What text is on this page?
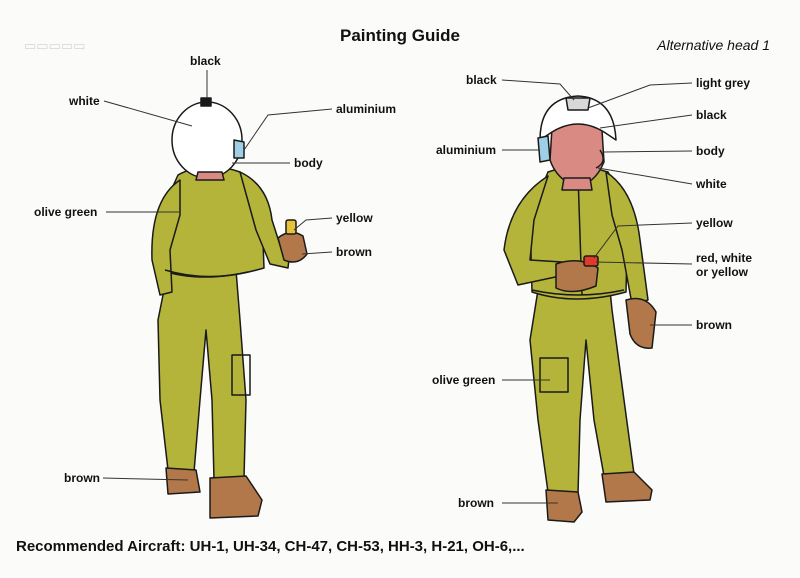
▭▭▭▭▭
Painting Guide	Alternative head 1
black
white
aluminium
body
olive green	yellow
brown
brown
black	light grey
black
aluminium	body
white
yellow
red, white
or yellow
brown
olive green
brown
Recommended Aircraft: UH-1, UH-34, CH-47, CH-53, HH-3, H-21, OH-6,...
